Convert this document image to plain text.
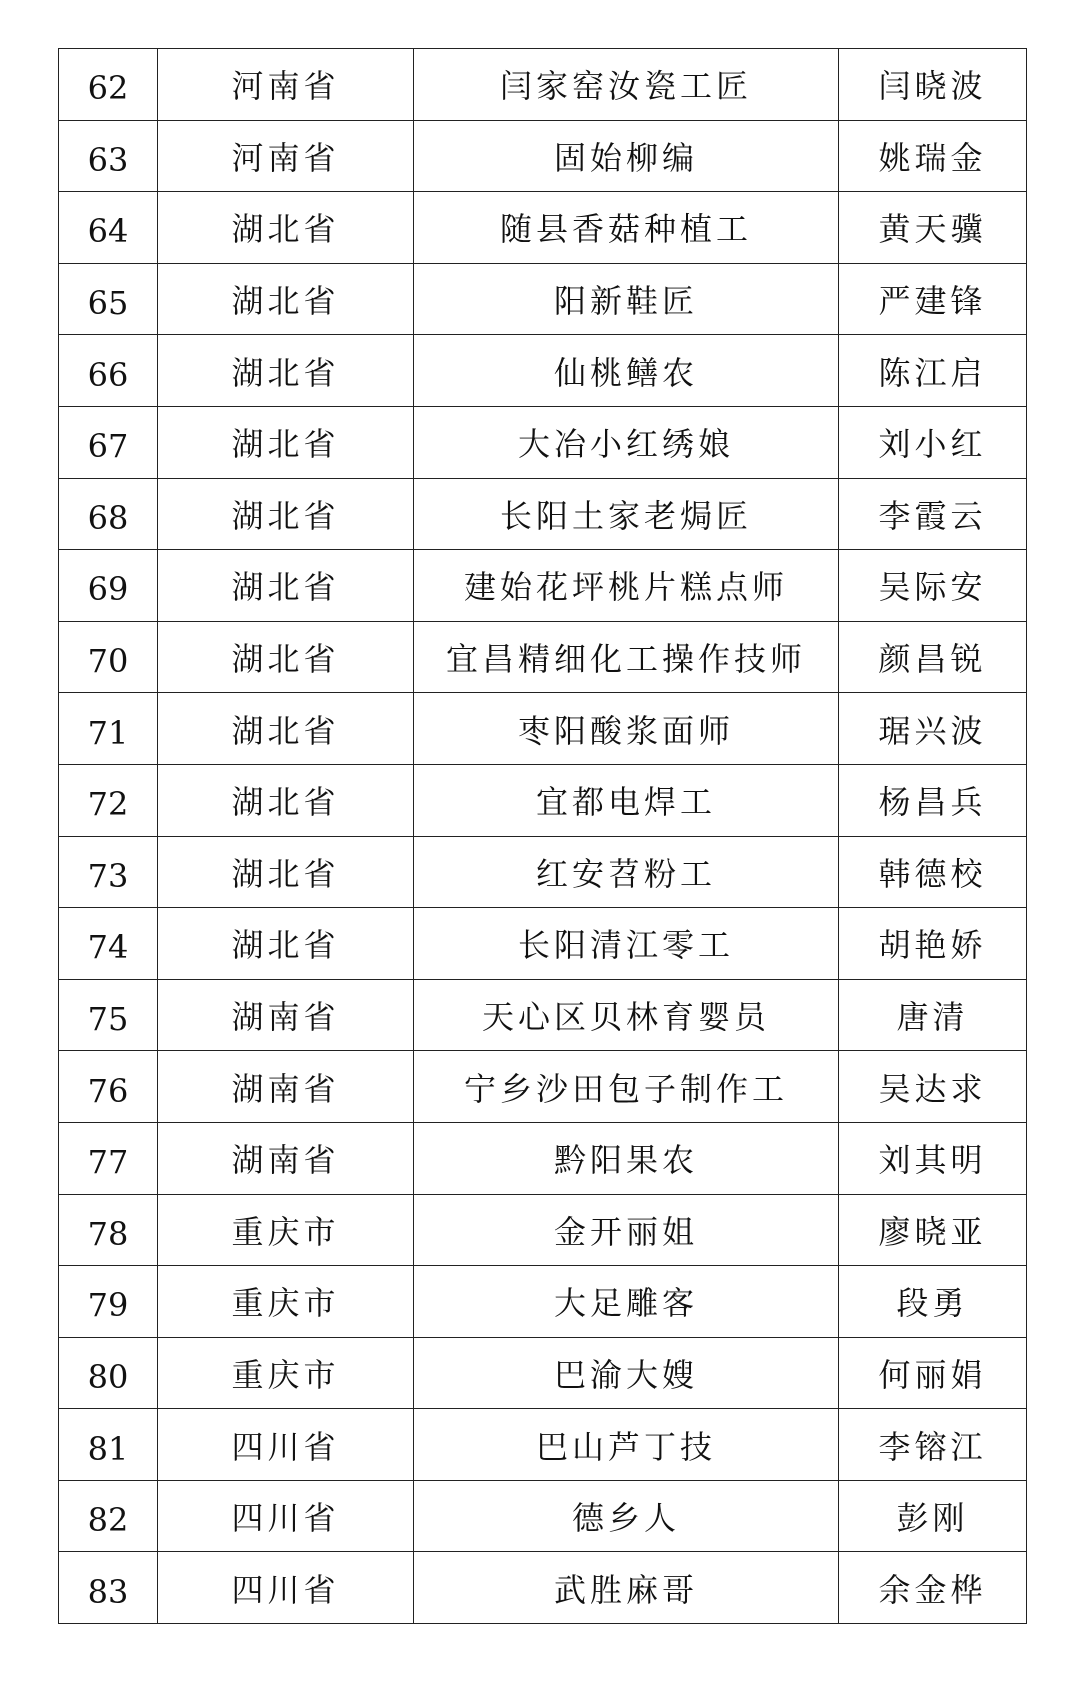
62	河南省	闫家窑汝瓷工匠	闫晓波
63	河南省	固始柳编	姚瑞金
64	湖北省	随县香菇种植工	黄天骥
65	湖北省	阳新鞋匠	严建锋
66	湖北省	仙桃鳝农	陈江启
67	湖北省	大冶小红绣娘	刘小红
68	湖北省	长阳土家老焗匠	李霞云
69	湖北省	建始花坪桃片糕点师	吴际安
70	湖北省	宜昌精细化工操作技师	颜昌锐
71	湖北省	枣阳酸浆面师	琚兴波
72	湖北省	宜都电焊工	杨昌兵
73	湖北省	红安苕粉工	韩德校
74	湖北省	长阳清江零工	胡艳娇
75	湖南省	天心区贝林育婴员	唐清
76	湖南省	宁乡沙田包子制作工	吴达求
77	湖南省	黔阳果农	刘其明
78	重庆市	金开丽姐	廖晓亚
79	重庆市	大足雕客	段勇
80	重庆市	巴渝大嫂	何丽娟
81	四川省	巴山芦丁技	李镕江
82	四川省	德乡人	彭刚
83	四川省	武胜麻哥	余金桦
